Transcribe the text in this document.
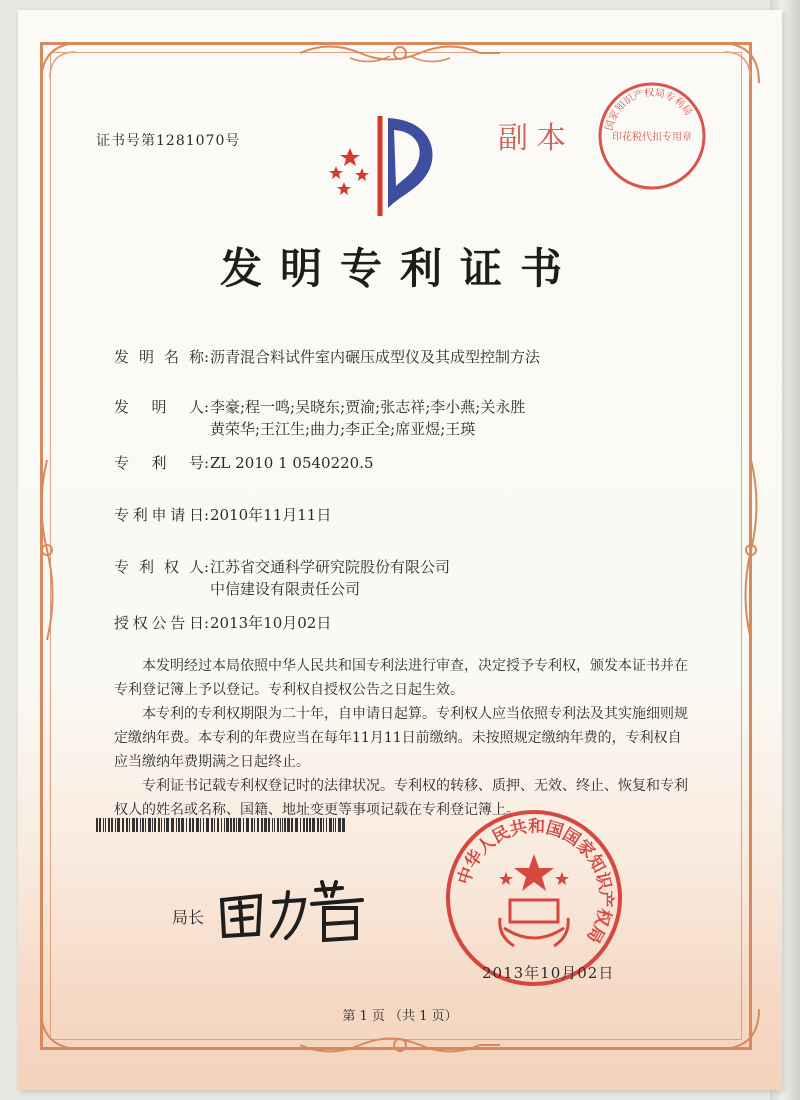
证书号第1281070号	副本	国家知识产权局专利局
印花税代扣专用章
发明专利证书
发明名称: 沥青混合料试件室内碾压成型仪及其成型控制方法
发明人: 李豪;程一鸣;吴晓东;贾渝;张志祥;李小燕;关永胜
黄荣华;王江生;曲力;李正全;席亚煜;王瑛
专利号: ZL 2010 1 0540220.5
专利申请日: 2010年11月11日
专利权人: 江苏省交通科学研究院股份有限公司
中信建设有限责任公司
授权公告日: 2013年10月02日
本发明经过本局依照中华人民共和国专利法进行审查，决定授予专利权，颁发本证书并在专利登记簿上予以登记。专利权自授权公告之日起生效。
本专利的专利权期限为二十年，自申请日起算。专利权人应当依照专利法及其实施细则规定缴纳年费。本专利的年费应当在每年11月11日前缴纳。未按照规定缴纳年费的，专利权自应当缴纳年费期满之日起终止。
专利证书记载专利权登记时的法律状况。专利权的转移、质押、无效、终止、恢复和专利权人的姓名或名称、国籍、地址变更等事项记载在专利登记簿上。
局长
中华人民共和国国家知识产权局
2013年10月02日
第 1 页 （共 1 页）
